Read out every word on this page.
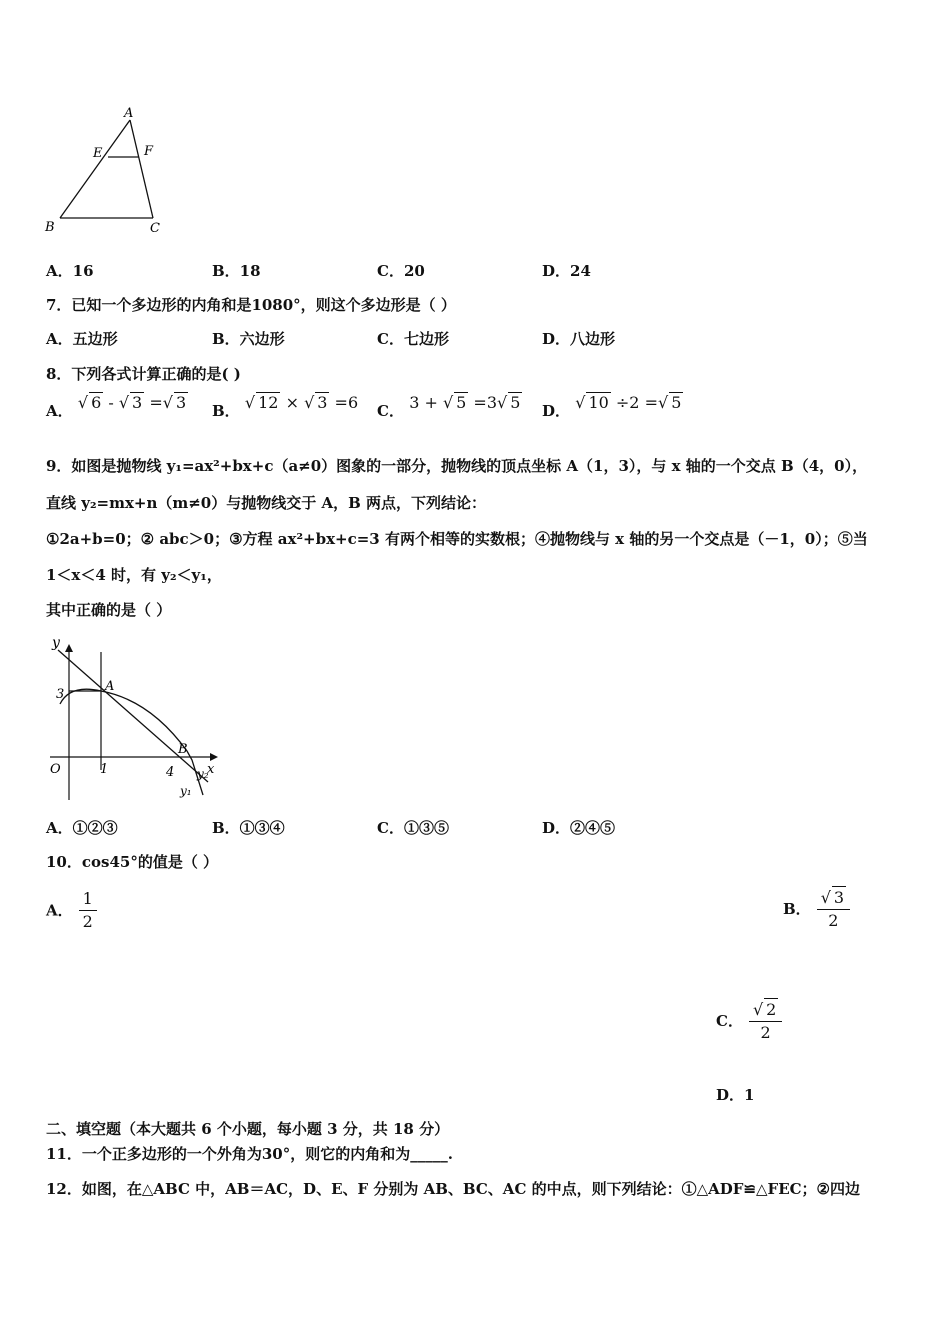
A
E	F
B	C
A．16	B．18	C．20	D．24
7．已知一个多边形的内角和是1080°，则这个多边形是（ ）
A．五边形	B．六边形	C．七边形	D．八边形
8．下列各式计算正确的是( )
A． √ 6 - √ 3 =√ 3 B． √ 12 × √ 3 =6 C． 3 + √ 5 =3√ 5 D． √ 10 ÷2 =√ 5
9．如图是抛物线 y₁=ax²+bx+c（a≠0）图象的一部分，抛物线的顶点坐标 A（1，3），与 x 轴的一个交点 B（4，0），
直线 y₂=mx+n（m≠0）与抛物线交于 A，B 两点，下列结论：
①2a+b=0；② abc＞0；③方程 ax²+bx+c=3 有两个相等的实数根；④抛物线与 x 轴的另一个交点是（－1，0）；⑤当
1＜x＜4 时，有 y₂＜y₁，
其中正确的是（ ）
y
x
3
A
B
O	1	4 y₂
y₁
A．①②③	B．①③④	C．①③⑤	D．②④⑤
10．cos45°的值是（ ）
A． $\frac{1}{2}$	B． $\frac{√ 3}{2}$
C． $\frac{√ 2}{2}$
D．1
二、填空题（本大题共 6 个小题，每小题 3 分，共 18 分）
11．一个正多边形的一个外角为30°，则它的内角和为_____.
12．如图，在△ABC 中，AB＝AC，D、E、F 分别为 AB、BC、AC 的中点，则下列结论：①△ADF≌△FEC；②四边
